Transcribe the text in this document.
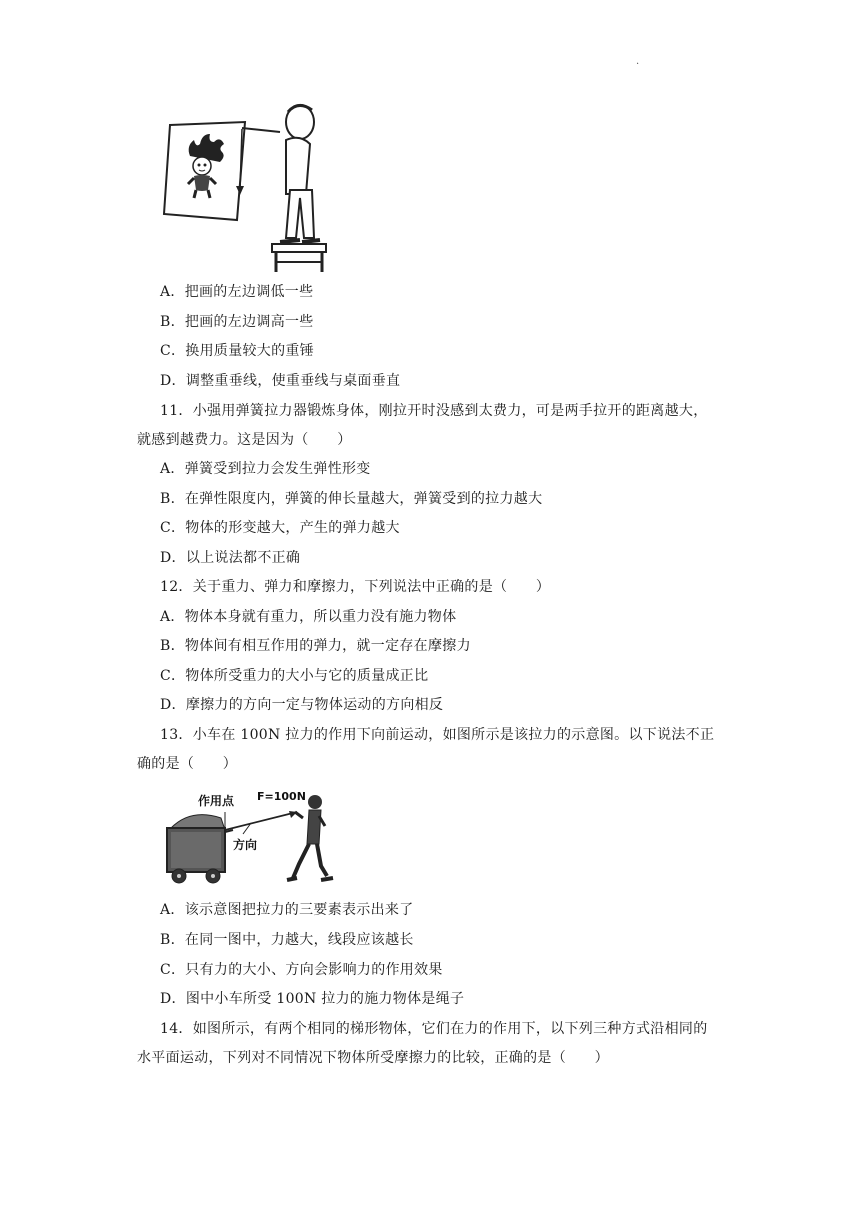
.
A．把画的左边调低一些
B．把画的左边调高一些
C．换用质量较大的重锤
D．调整重垂线，使重垂线与桌面垂直
11．小强用弹簧拉力器锻炼身体，刚拉开时没感到太费力，可是两手拉开的距离越大，
就感到越费力。这是因为（　　）
A．弹簧受到拉力会发生弹性形变
B．在弹性限度内，弹簧的伸长量越大，弹簧受到的拉力越大
C．物体的形变越大，产生的弹力越大
D．以上说法都不正确
12．关于重力、弹力和摩擦力，下列说法中正确的是（　　）
A．物体本身就有重力，所以重力没有施力物体
B．物体间有相互作用的弹力，就一定存在摩擦力
C．物体所受重力的大小与它的质量成正比
D．摩擦力的方向一定与物体运动的方向相反
13．小车在 100N 拉力的作用下向前运动，如图所示是该拉力的示意图。以下说法不正
确的是（　　）
作用点 F=100N
方向
A．该示意图把拉力的三要素表示出来了
B．在同一图中，力越大，线段应该越长
C．只有力的大小、方向会影响力的作用效果
D．图中小车所受 100N 拉力的施力物体是绳子
14．如图所示，有两个相同的梯形物体，它们在力的作用下，以下列三种方式沿相同的
水平面运动，下列对不同情况下物体所受摩擦力的比较，正确的是（　　）
